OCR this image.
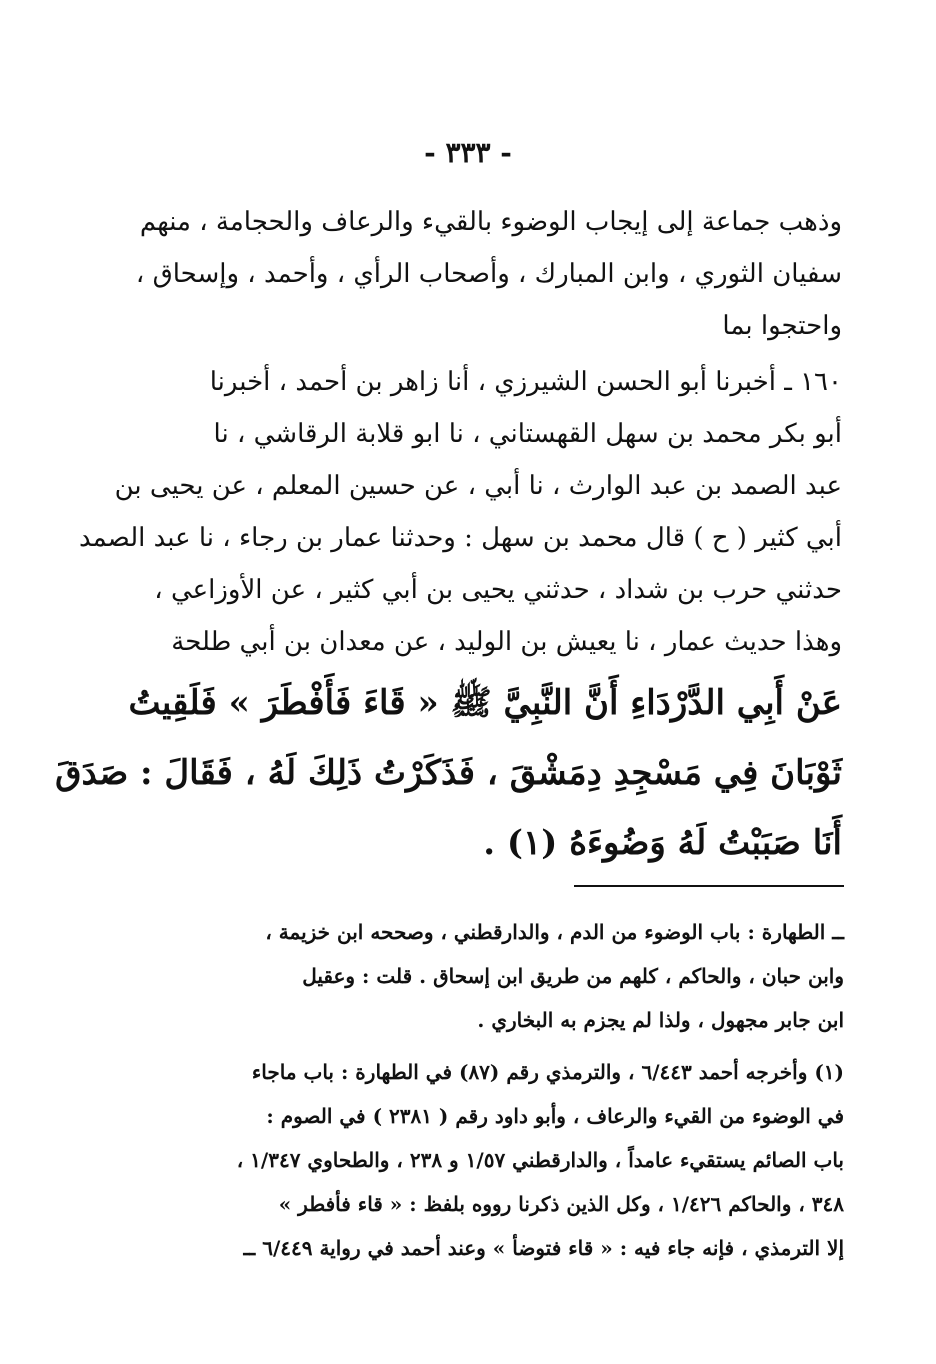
- ٣٣٣ -
وذهب جماعة إلى إيجاب الوضوء بالقيء والرعاف والحجامة ، منهم
سفيان الثوري ، وابن المبارك ، وأصحاب الرأي ، وأحمد ، وإسحاق ،
واحتجوا بما
١٦٠ ـ أخبرنا أبو الحسن الشيرزي ، أنا زاهر بن أحمد ، أخبرنا
أبو بكر محمد بن سهل القهستاني ، نا ابو قلابة الرقاشي ، نا
عبد الصمد بن عبد الوارث ، نا أبي ، عن حسين المعلم ، عن يحيى بن
أبي كثير ( ح ) قال محمد بن سهل : وحدثنا عمار بن رجاء ، نا عبد الصمد
حدثني حرب بن شداد ، حدثني يحيى بن أبي كثير ، عن الأوزاعي ،
وهذا حديث عمار ، نا يعيش بن الوليد ، عن معدان بن أبي طلحة
عَنْ أَبِي الدَّرْدَاءِ أَنَّ النَّبِيَّ ﷺ « قَاءَ فَأَفْطَرَ » فَلَقِيتُ
ثَوْبَانَ فِي مَسْجِدِ دِمَشْقَ ، فَذَكَرْتُ ذَلِكَ لَهُ ، فَقَالَ : صَدَقَ
أَنَا صَبَبْتُ لَهُ وَضُوءَهُ (١) .
ــ الطهارة : باب الوضوء من الدم ، والدارقطني ، وصححه ابن خزيمة ،
وابن حبان ، والحاكم ، كلهم من طريق ابن إسحاق . قلت : وعقيل
ابن جابر مجهول ، ولذا لم يجزم به البخاري .
(١) وأخرجه أحمد ٦/٤٤٣ ، والترمذي رقم (٨٧) في الطهارة : باب ماجاء
في الوضوء من القيء والرعاف ، وأبو داود رقم ( ٢٣٨١ ) في الصوم :
باب الصائم يستقيء عامداً ، والدارقطني ١/٥٧ و ٢٣٨ ، والطحاوي ١/٣٤٧ ،
٣٤٨ ، والحاكم ١/٤٢٦ ، وكل الذين ذكرنا رووه بلفظ : « قاء فأفطر »
إلا الترمذي ، فإنه جاء فيه : « قاء فتوضأ » وعند أحمد في رواية ٦/٤٤٩ ــ
